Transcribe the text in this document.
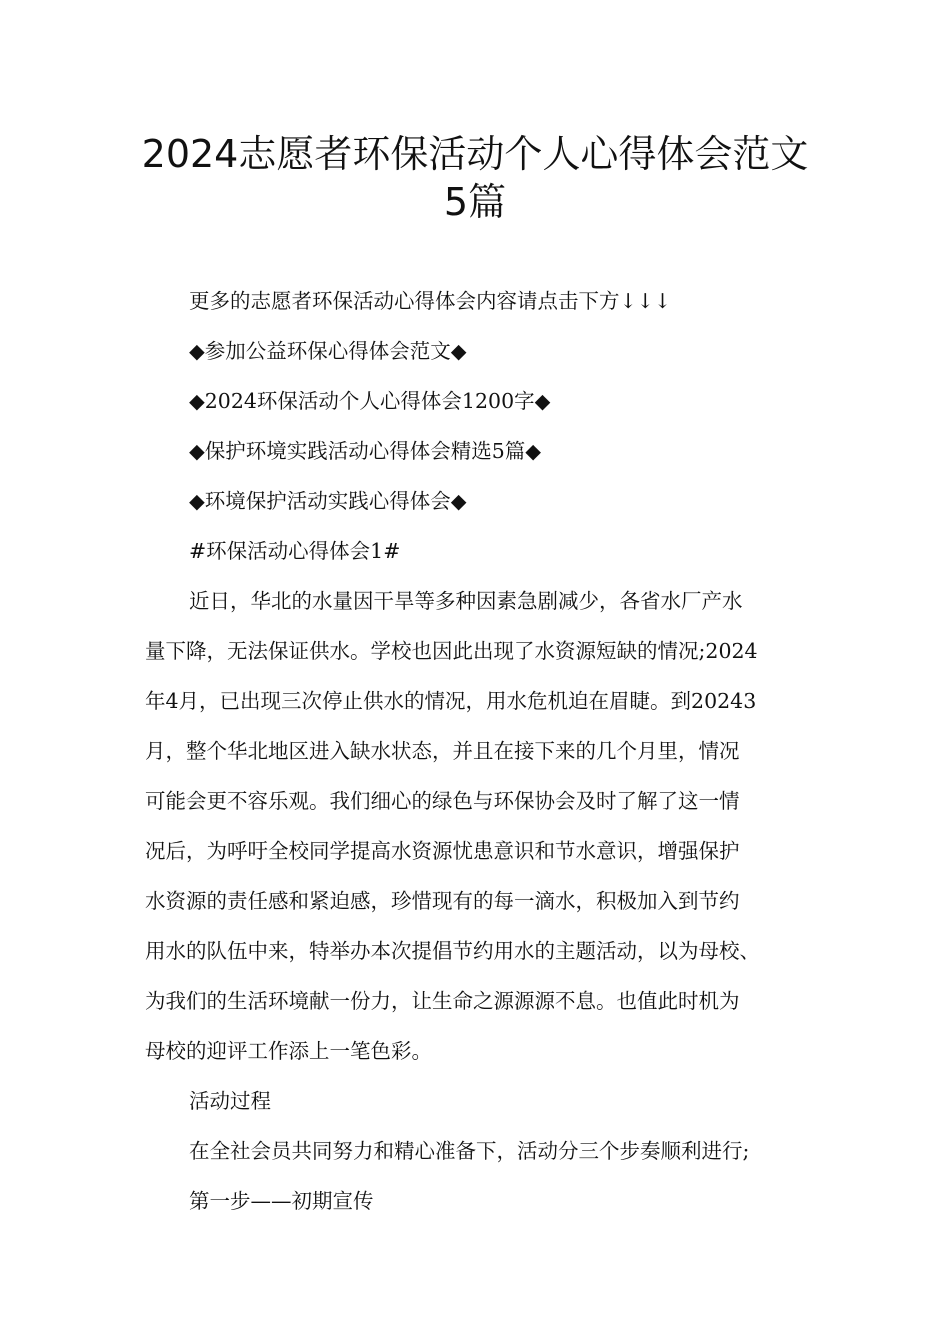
2024志愿者环保活动个人心得体会范文
5篇

更多的志愿者环保活动心得体会内容请点击下方↓↓↓

◆参加公益环保心得体会范文◆

◆2024环保活动个人心得体会1200字◆

◆保护环境实践活动心得体会精选5篇◆

◆环境保护活动实践心得体会◆

#环保活动心得体会1#

近日，华北的水量因干旱等多种因素急剧减少，各省水厂产水

量下降，无法保证供水。学校也因此出现了水资源短缺的情况;2024

年4月，已出现三次停止供水的情况，用水危机迫在眉睫。到20243

月，整个华北地区进入缺水状态，并且在接下来的几个月里，情况

可能会更不容乐观。我们细心的绿色与环保协会及时了解了这一情

况后，为呼吁全校同学提高水资源忧患意识和节水意识，增强保护

水资源的责任感和紧迫感，珍惜现有的每一滴水，积极加入到节约

用水的队伍中来，特举办本次提倡节约用水的主题活动，以为母校、

为我们的生活环境献一份力，让生命之源源源不息。也值此时机为

母校的迎评工作添上一笔色彩。

活动过程

在全社会员共同努力和精心准备下，活动分三个步奏顺利进行;

第一步——初期宣传
